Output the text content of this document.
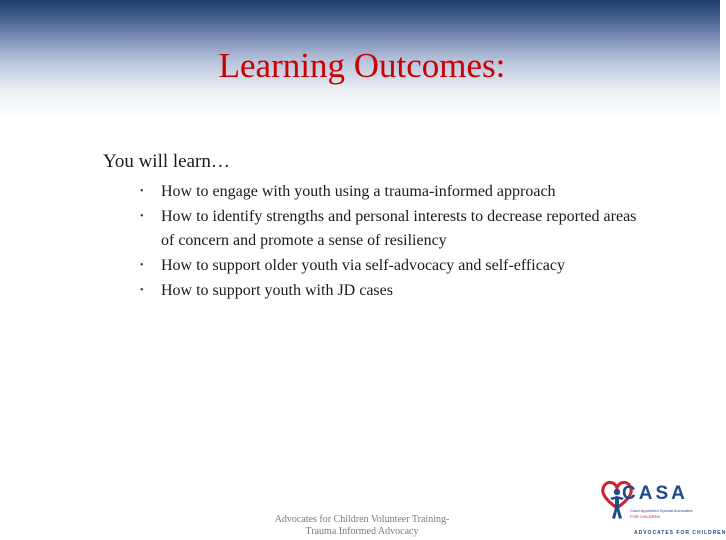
Learning Outcomes:
You will learn…
• How to engage with youth using a trauma-informed approach
• How to identify strengths and personal interests to decrease reported areas of concern and promote a sense of resiliency
• How to support older youth via self-advocacy and self-efficacy
• How to support youth with JD cases
Advocates for Children Volunteer Training-
Trauma Informed Advocacy
CASA
Court Appointed Special Advocates
FOR CHILDREN
ADVOCATES FOR CHILDREN
